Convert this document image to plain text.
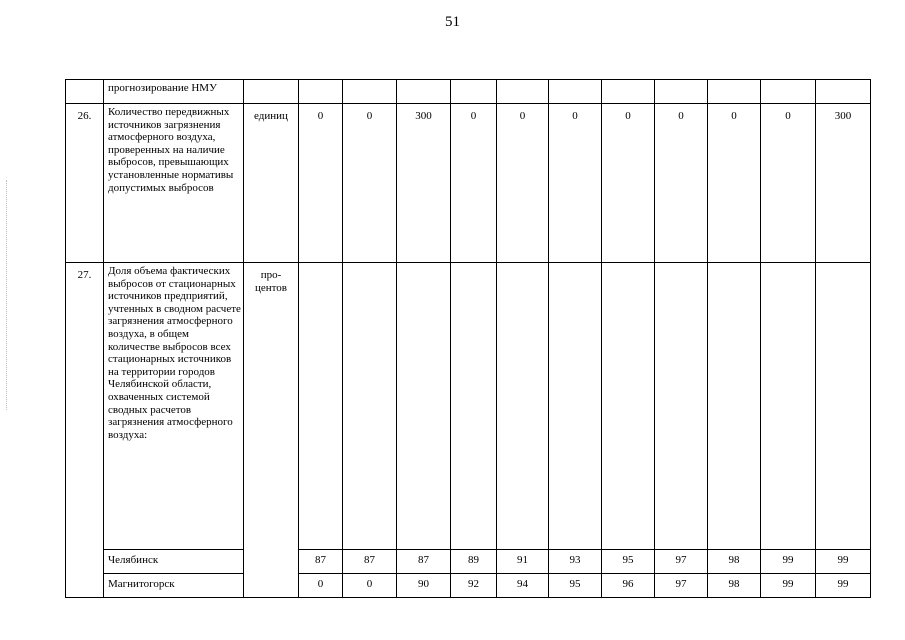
51
	прогнозирование НМУ												
26.	Количество передвижных источников загрязнения атмосферного воздуха, проверенных на наличие выбросов, превышающих установленные нормативы допустимых выбросов	единиц	0	0	300	0	0	0	0	0	0	0	300
27.	Доля объема фактических выбросов от стационарных источников предприятий, учтенных в сводном расчете загрязнения атмосферного воздуха, в общем количестве выбросов всех стационарных источников на территории городов Челябинской области, охваченных системой сводных расчетов загрязнения атмосферного воздуха:	про-центов											
	Челябинск		87	87	87	89	91	93	95	97	98	99	99
	Магнитогорск		0	0	90	92	94	95	96	97	98	99	99
